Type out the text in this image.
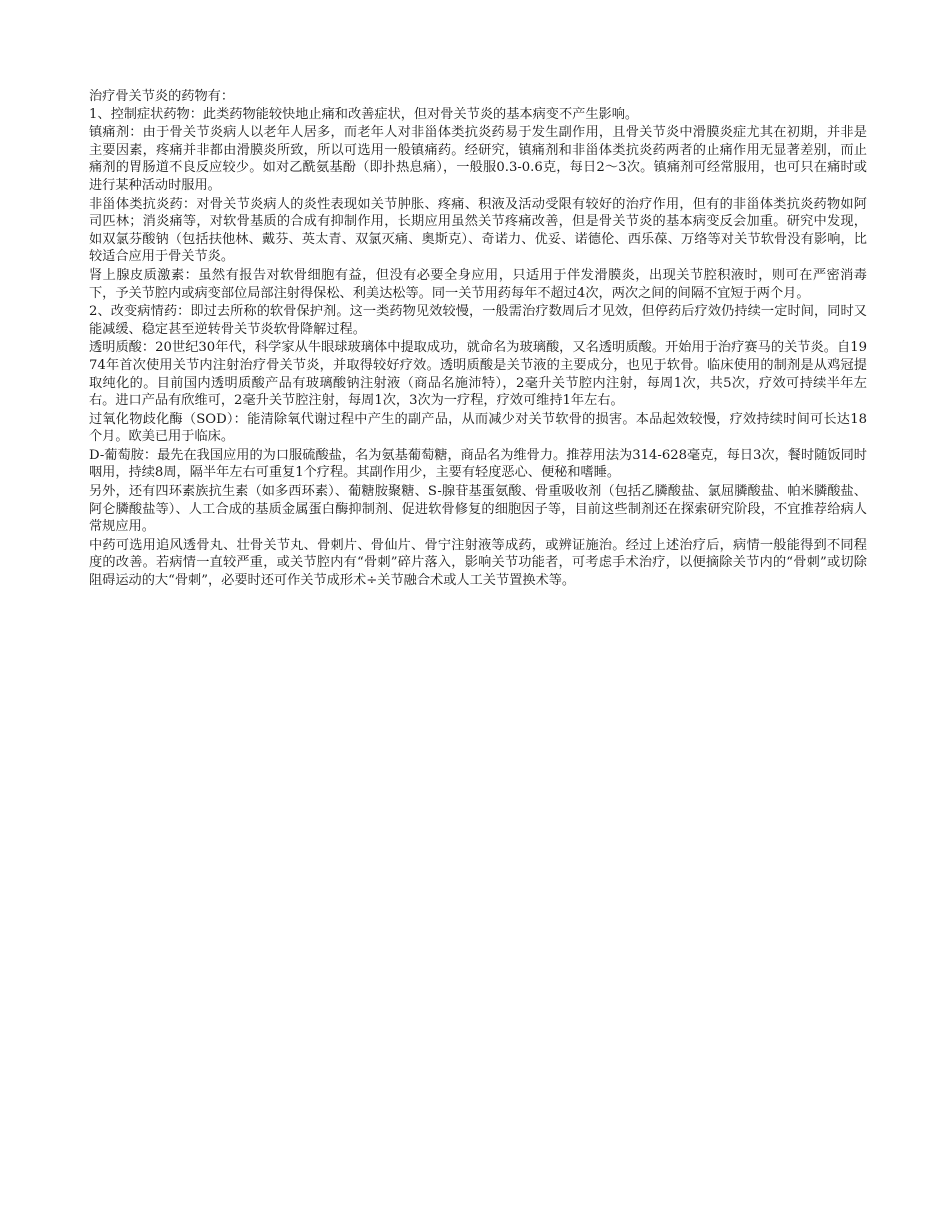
治疗骨关节炎的药物有：

1、控制症状药物：此类药物能较快地止痛和改善症状，但对骨关节炎的基本病变不产生影响。

镇痛剂：由于骨关节炎病人以老年人居多，而老年人对非甾体类抗炎药易于发生副作用，且骨关节炎中滑膜炎症尤其在初期，并非是主要因素，疼痛并非都由滑膜炎所致，所以可选用一般镇痛药。经研究，镇痛剂和非甾体类抗炎药两者的止痛作用无显著差别，而止痛剂的胃肠道不良反应较少。如对乙酰氨基酚（即扑热息痛），一般服0.3-0.6克，每日2～3次。镇痛剂可经常服用，也可只在痛时或进行某种活动时服用。

非甾体类抗炎药：对骨关节炎病人的炎性表现如关节肿胀、疼痛、积液及活动受限有较好的治疗作用，但有的非甾体类抗炎药物如阿司匹林；消炎痛等，对软骨基质的合成有抑制作用，长期应用虽然关节疼痛改善，但是骨关节炎的基本病变反会加重。研究中发现，如双氯芬酸钠（包括扶他林、戴芬、英太青、双氯灭痛、奥斯克）、奇诺力、优妥、诺德伦、西乐葆、万络等对关节软骨没有影响，比较适合应用于骨关节炎。

肾上腺皮质激素：虽然有报告对软骨细胞有益，但没有必要全身应用，只适用于伴发滑膜炎，出现关节腔积液时，则可在严密消毒下，予关节腔内或病变部位局部注射得保松、利美达松等。同一关节用药每年不超过4次，两次之间的间隔不宜短于两个月。

2、改变病情药：即过去所称的软骨保护剂。这一类药物见效较慢，一般需治疗数周后才见效，但停药后疗效仍持续一定时间，同时又能减缓、稳定甚至逆转骨关节炎软骨降解过程。

透明质酸：20世纪30年代，科学家从牛眼球玻璃体中提取成功，就命名为玻璃酸，又名透明质酸。开始用于治疗赛马的关节炎。自1974年首次使用关节内注射治疗骨关节炎，并取得较好疗效。透明质酸是关节液的主要成分，也见于软骨。临床使用的制剂是从鸡冠提取纯化的。目前国内透明质酸产品有玻璃酸钠注射液（商品名施沛特），2毫升关节腔内注射，每周1次，共5次，疗效可持续半年左右。进口产品有欣维可，2毫升关节腔注射，每周1次，3次为一疗程，疗效可维持1年左右。

过氧化物歧化酶（SOD）：能清除氧代谢过程中产生的副产品，从而减少对关节软骨的损害。本品起效较慢，疗效持续时间可长达18个月。欧美已用于临床。

D-葡萄胺：最先在我国应用的为口服硫酸盐，名为氨基葡萄糖，商品名为维骨力。推荐用法为314-628毫克，每日3次，餐时随饭同时咽用，持续8周，隔半年左右可重复1个疗程。其副作用少，主要有轻度恶心、便秘和嗜睡。

另外，还有四环素族抗生素（如多西环素）、葡糖胺聚糖、S-腺苷基蛋氨酸、骨重吸收剂（包括乙膦酸盐、氯屈膦酸盐、帕米膦酸盐、阿仑膦酸盐等）、人工合成的基质金属蛋白酶抑制剂、促进软骨修复的细胞因子等，目前这些制剂还在探索研究阶段，不宜推荐给病人常规应用。

中药可选用追风透骨丸、壮骨关节丸、骨刺片、骨仙片、骨宁注射液等成药，或辨证施治。经过上述治疗后，病情一般能得到不同程度的改善。若病情一直较严重，或关节腔内有“骨刺”碎片落入，影响关节功能者，可考虑手术治疗，以便摘除关节内的“骨刺”或切除阻碍运动的大“骨刺”，必要时还可作关节成形术÷关节融合术或人工关节置换术等。
